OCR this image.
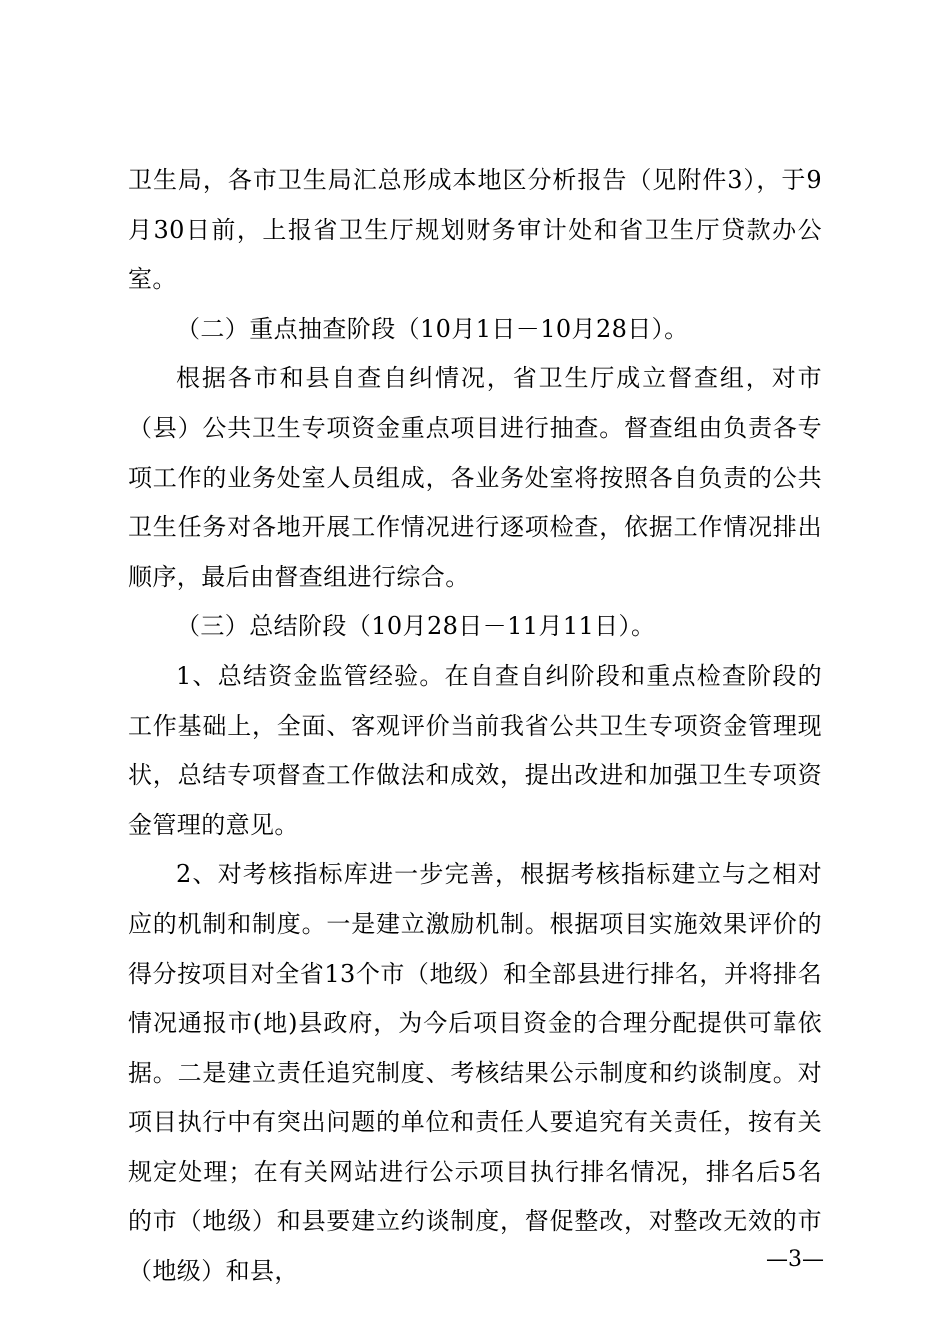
卫生局，各市卫生局汇总形成本地区分析报告（见附件3），于9月30日前，上报省卫生厅规划财务审计处和省卫生厅贷款办公室。

（二）重点抽查阶段（10月1日－10月28日）。

根据各市和县自查自纠情况，省卫生厅成立督查组，对市（县）公共卫生专项资金重点项目进行抽查。督查组由负责各专项工作的业务处室人员组成，各业务处室将按照各自负责的公共卫生任务对各地开展工作情况进行逐项检查，依据工作情况排出顺序，最后由督查组进行综合。

（三）总结阶段（10月28日－11月11日）。

1、总结资金监管经验。在自查自纠阶段和重点检查阶段的工作基础上，全面、客观评价当前我省公共卫生专项资金管理现状，总结专项督查工作做法和成效，提出改进和加强卫生专项资金管理的意见。

2、对考核指标库进一步完善，根据考核指标建立与之相对应的机制和制度。一是建立激励机制。根据项目实施效果评价的得分按项目对全省13个市（地级）和全部县进行排名，并将排名情况通报市(地)县政府，为今后项目资金的合理分配提供可靠依据。二是建立责任追究制度、考核结果公示制度和约谈制度。对项目执行中有突出问题的单位和责任人要追究有关责任，按有关规定处理；在有关网站进行公示项目执行排名情况，排名后5名的市（地级）和县要建立约谈制度，督促整改，对整改无效的市（地级）和县，	—3—
